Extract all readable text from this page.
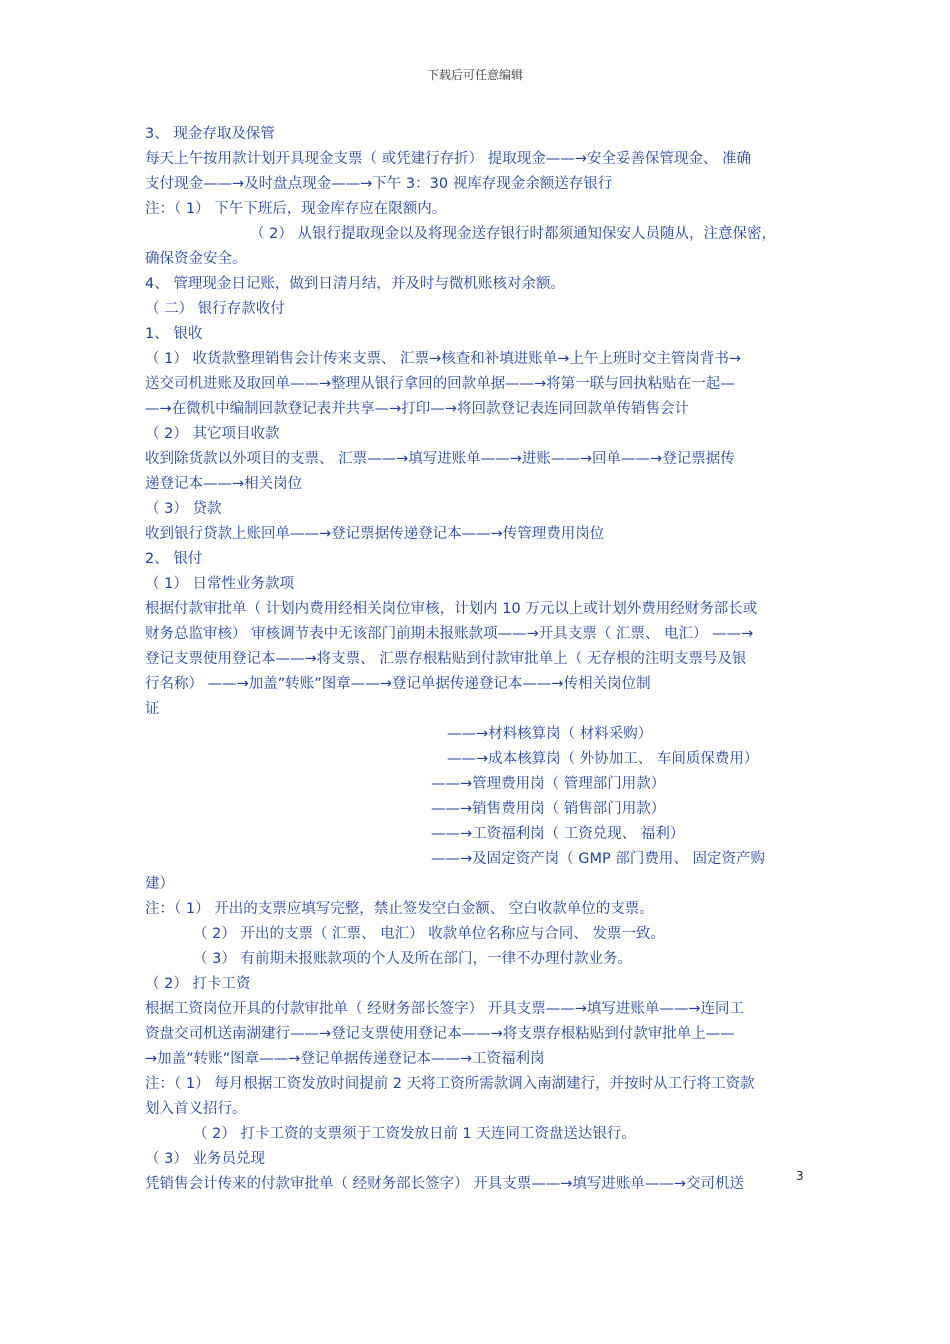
下载后可任意编辑
3、 现金存取及保管
每天上午按用款计划开具现金支票（ 或凭建行存折） 提取现金——→安全妥善保管现金、 准确
支付现金——→及时盘点现金——→下午 3：30 视库存现金余额送存银行
注：（ 1） 下午下班后，现金库存应在限额内。
（ 2） 从银行提取现金以及将现金送存银行时都须通知保安人员随从，注意保密，
确保资金安全。
4、 管理现金日记账，做到日清月结，并及时与微机账核对余额。
（ 二） 银行存款收付
1、 银收
（ 1） 收货款整理销售会计传来支票、 汇票→核查和补填进账单→上午上班时交主管岗背书→
送交司机进账及取回单——→整理从银行拿回的回款单据——→将第一联与回执粘贴在一起—
—→在微机中编制回款登记表并共享—→打印—→将回款登记表连同回款单传销售会计
（ 2） 其它项目收款
收到除货款以外项目的支票、 汇票——→填写进账单——→进账——→回单——→登记票据传
递登记本——→相关岗位
（ 3） 贷款
收到银行贷款上账回单——→登记票据传递登记本——→传管理费用岗位
2、 银付
（ 1） 日常性业务款项
根据付款审批单（ 计划内费用经相关岗位审核，计划内 10 万元以上或计划外费用经财务部长或
财务总监审核） 审核调节表中无该部门前期未报账款项——→开具支票（ 汇票、 电汇） ——→
登记支票使用登记本——→将支票、 汇票存根粘贴到付款审批单上（ 无存根的注明支票号及银
行名称） ——→加盖”转账”图章——→登记单据传递登记本——→传相关岗位制
证
——→材料核算岗（ 材料采购）
——→成本核算岗（ 外协加工、 车间质保费用）
——→管理费用岗（ 管理部门用款）
——→销售费用岗（ 销售部门用款）
——→工资福利岗（ 工资兑现、 福利）
——→及固定资产岗（ GMP 部门费用、 固定资产购
建）
注：（ 1） 开出的支票应填写完整，禁止签发空白金额、 空白收款单位的支票。
（ 2） 开出的支票（ 汇票、 电汇） 收款单位名称应与合同、 发票一致。
（ 3） 有前期未报账款项的个人及所在部门，一律不办理付款业务。
（ 2） 打卡工资
根据工资岗位开具的付款审批单（ 经财务部长签字） 开具支票——→填写进账单——→连同工
资盘交司机送南湖建行——→登记支票使用登记本——→将支票存根粘贴到付款审批单上——
→加盖”转账”图章——→登记单据传递登记本——→工资福利岗
注：（ 1） 每月根据工资发放时间提前 2 天将工资所需款调入南湖建行，并按时从工行将工资款
划入首义招行。
（ 2） 打卡工资的支票须于工资发放日前 1 天连同工资盘送达银行。
（ 3） 业务员兑现
凭销售会计传来的付款审批单（ 经财务部长签字） 开具支票——→填写进账单——→交司机送	3
